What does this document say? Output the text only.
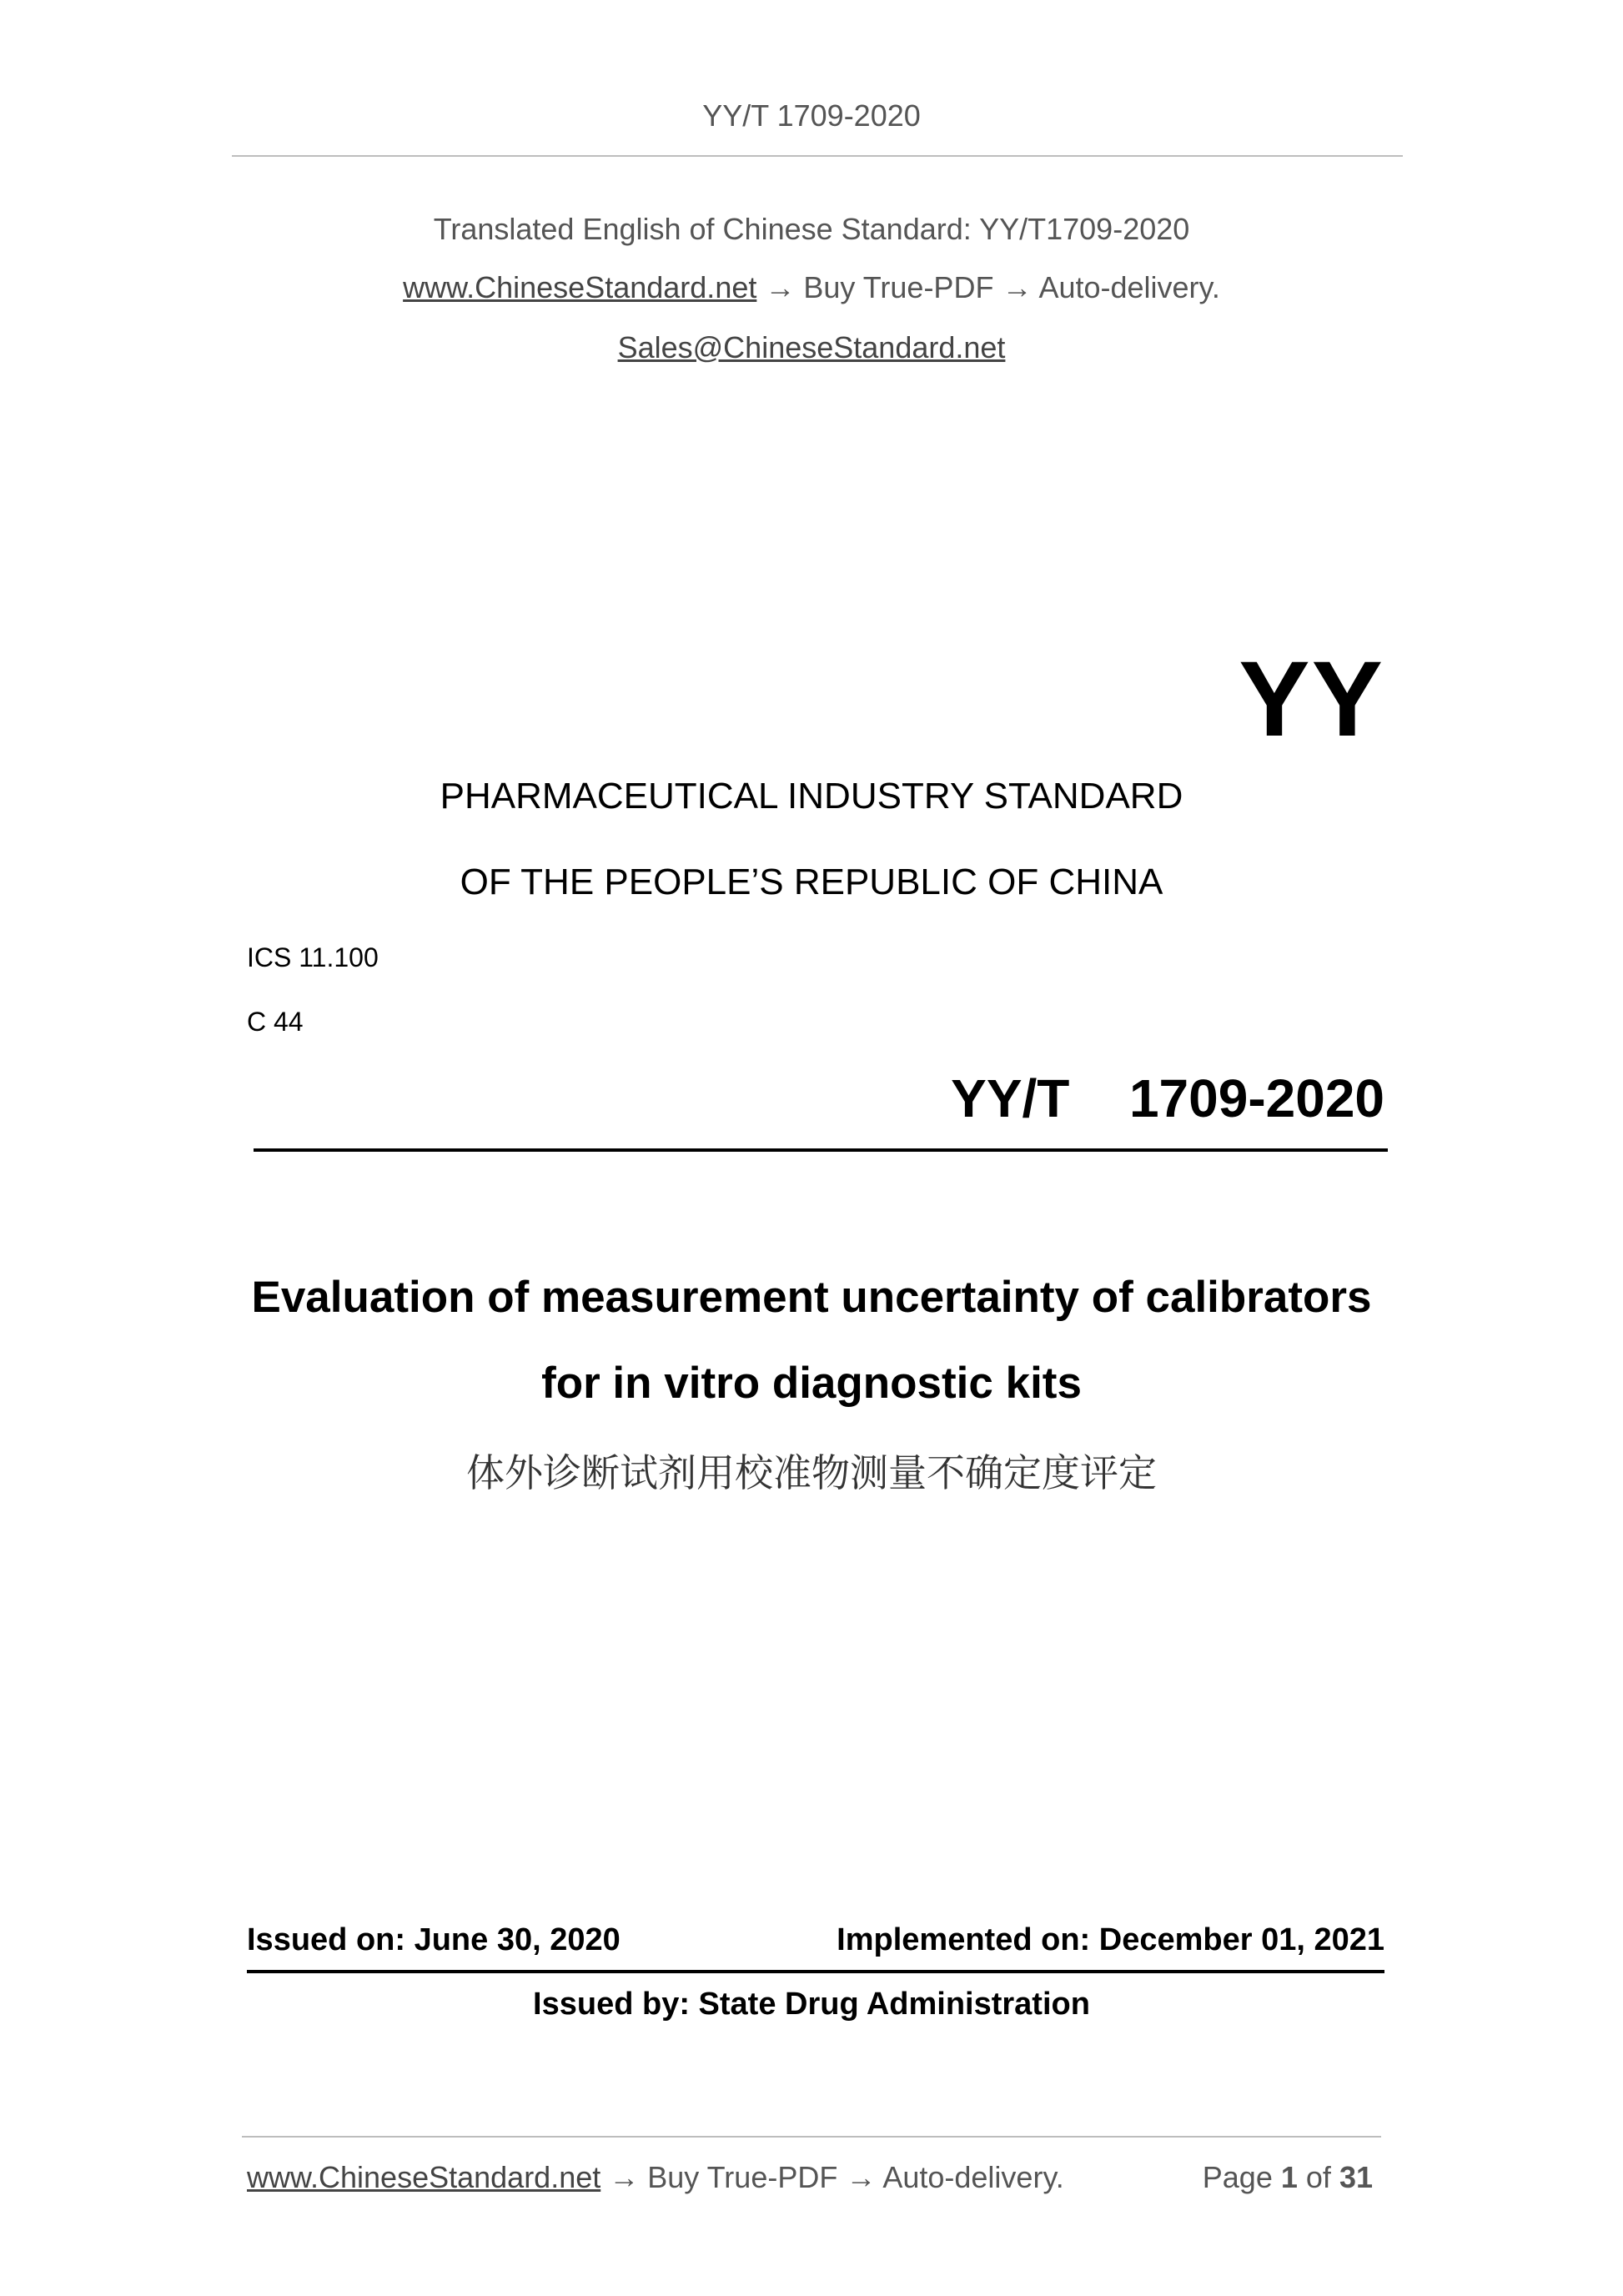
YY/T 1709-2020
Translated English of Chinese Standard: YY/T1709-2020
www.ChineseStandard.net → Buy True-PDF → Auto-delivery.
Sales@ChineseStandard.net
YY
PHARMACEUTICAL INDUSTRY STANDARD
OF THE PEOPLE’S REPUBLIC OF CHINA
ICS 11.100
C 44
YY/T  1709-2020
Evaluation of measurement uncertainty of calibrators
for in vitro diagnostic kits
体外诊断试剂用校准物测量不确定度评定
Issued on: June 30, 2020	Implemented on: December 01, 2021
Issued by: State Drug Administration
www.ChineseStandard.net → Buy True-PDF → Auto-delivery.	Page 1 of 31
